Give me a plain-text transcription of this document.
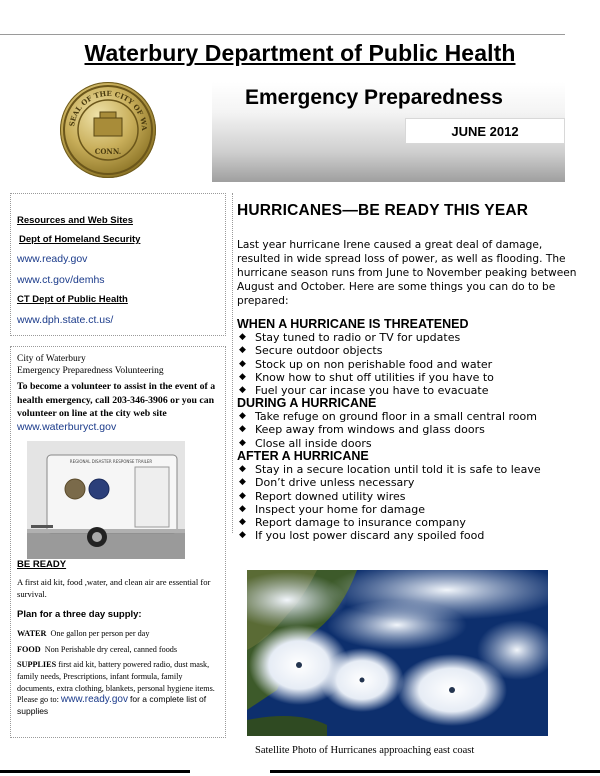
Waterbury Department of Public Health
SEAL OF THE CITY OF WA
CONN.
Emergency Preparedness
JUNE 2012
Resources and Web Sites
Dept of Homeland Security
www.ready.gov
www.ct.gov/demhs
CT Dept of Public Health
www.dph.state.ct.us/
City of Waterbury
Emergency Preparedness Volunteering
To become a volunteer to assist in the event of a health emergency, call 203-346-3906 or you can volunteer on line at the city web site www.waterburyct.gov
BE READY
A first aid kit, food ,water, and clean air are essential for survival.
Plan for a three day supply:
WATER One gallon per person per day
FOOD Non Perishable dry cereal, canned foods
SUPPLIES first aid kit, battery powered radio, dust mask, family needs, Prescriptions, infant formula, family documents, extra clothing, blankets, personal hygiene items. Please go to: www.ready.gov for a complete list of supplies
REGIONAL DISASTER RESPONSE TRAILER
HURRICANES—BE READY THIS YEAR
Last year hurricane Irene caused a great deal of damage, resulted in wide spread loss of power, as well as flooding. The hurricane season runs from June to November peaking between August and October. Here are some things you can do to be prepared:
WHEN A HURRICANE IS THREATENED
◆ Stay tuned to radio or TV for updates
◆ Secure outdoor objects
◆ Stock up on non perishable food and water
◆ Know how to shut off utilities if you have to
◆ Fuel your car incase you have to evacuate
DURING A HURRICANE
◆ Take refuge on ground floor in a small central room
◆ Keep away from windows and glass doors
◆ Close all inside doors
AFTER A HURRICANE
◆ Stay in a secure location until told it is safe to leave
◆ Don’t drive unless necessary
◆ Report downed utility wires
◆ Inspect your home for damage
◆ Report damage to insurance company
◆ If you lost power discard any spoiled food
Satellite Photo of Hurricanes approaching east coast
